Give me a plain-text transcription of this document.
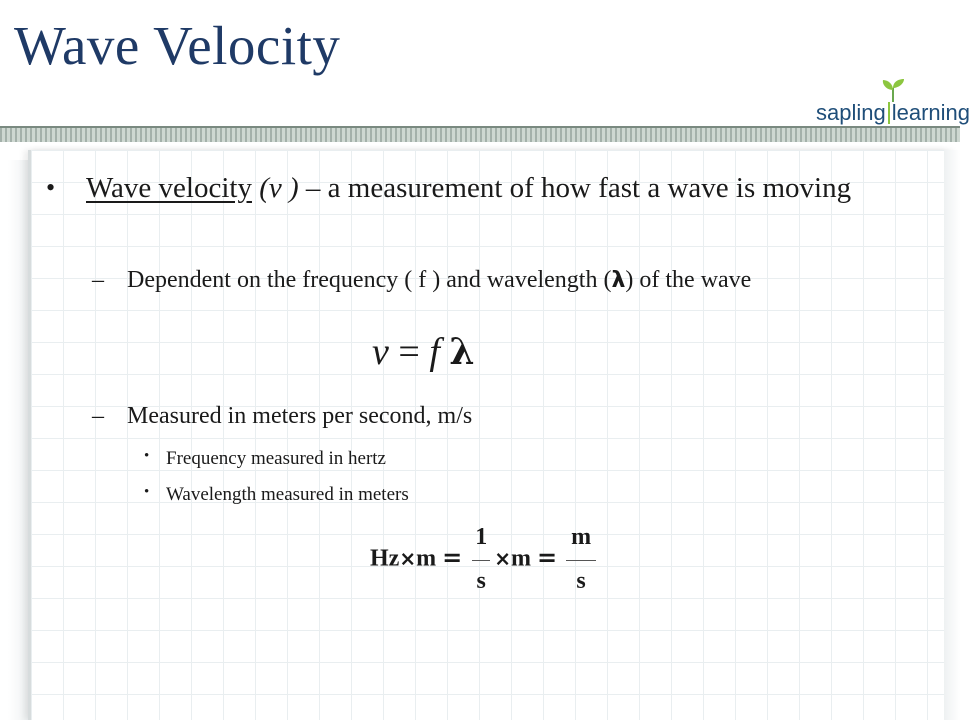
Wave Velocity
sapling learning
• Wave velocity (v ) – a measurement of how fast a wave is moving
– Dependent on the frequency ( f ) and wavelength (λ) of the wave
v = f λ
– Measured in meters per second, m/s
• Frequency measured in hertz
• Wavelength measured in meters
$Hz\times m = \frac{1}{s} \times m = \frac{m}{s}$
